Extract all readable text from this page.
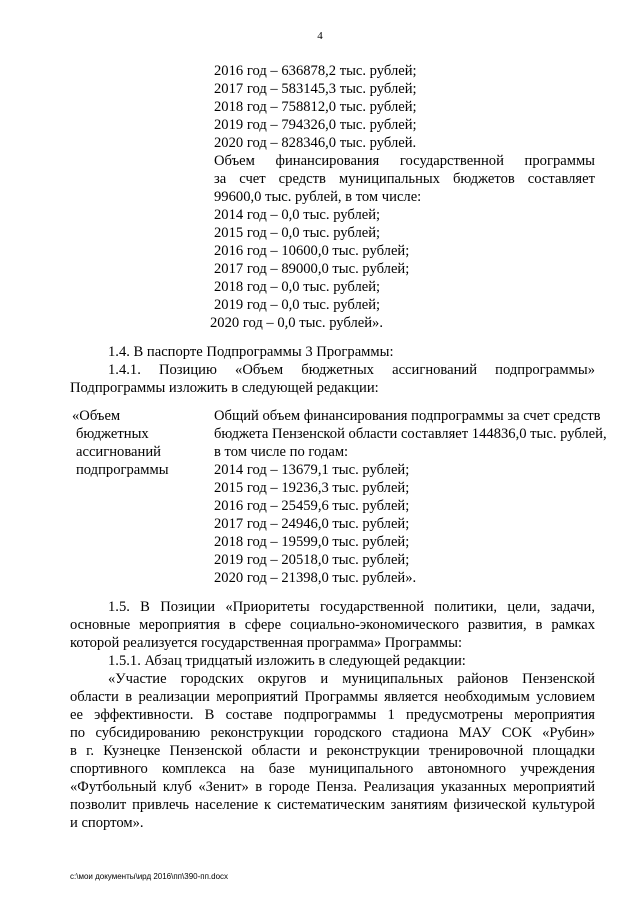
4
2016 год – 636878,2 тыс. рублей;
2017 год – 583145,3 тыс. рублей;
2018 год – 758812,0 тыс. рублей;
2019 год – 794326,0 тыс. рублей;
2020 год – 828346,0 тыс. рублей.
Объем финансирования государственной программы
за счет средств муниципальных бюджетов составляет
99600,0 тыс. рублей, в том числе:
2014 год – 0,0 тыс. рублей;
2015 год – 0,0 тыс. рублей;
2016 год – 10600,0 тыс. рублей;
2017 год – 89000,0 тыс. рублей;
2018 год – 0,0 тыс. рублей;
2019 год – 0,0 тыс. рублей;
2020 год – 0,0 тыс. рублей».
1.4. В паспорте Подпрограммы 3 Программы:
1.4.1. Позицию «Объем бюджетных ассигнований подпрограммы»
Подпрограммы изложить в следующей редакции:
«Объем
бюджетных
ассигнований
подпрограммы
Общий объем финансирования подпрограммы за счет средств
бюджета Пензенской области составляет 144836,0 тыс. рублей,
в том числе по годам:
2014 год – 13679,1 тыс. рублей;
2015 год – 19236,3 тыс. рублей;
2016 год – 25459,6 тыс. рублей;
2017 год – 24946,0 тыс. рублей;
2018 год – 19599,0 тыс. рублей;
2019 год – 20518,0 тыс. рублей;
2020 год – 21398,0 тыс. рублей».
1.5. В Позиции «Приоритеты государственной политики, цели, задачи,
основные мероприятия в сфере социально-экономического развития, в рамках
которой реализуется государственная программа» Программы:
1.5.1. Абзац тридцатый изложить в следующей редакции:
«Участие городских округов и муниципальных районов Пензенской
области в реализации мероприятий Программы является необходимым условием
ее эффективности. В составе подпрограммы 1 предусмотрены мероприятия
по субсидированию реконструкции городского стадиона МАУ СОК «Рубин»
в г. Кузнецке Пензенской области и реконструкции тренировочной площадки
спортивного комплекса на базе муниципального автономного учреждения
«Футбольный клуб «Зенит» в городе Пенза. Реализация указанных мероприятий
позволит привлечь население к систематическим занятиям физической культурой
и спортом».
c:\мои документы\ирд 2016\пп\390-пп.docx
